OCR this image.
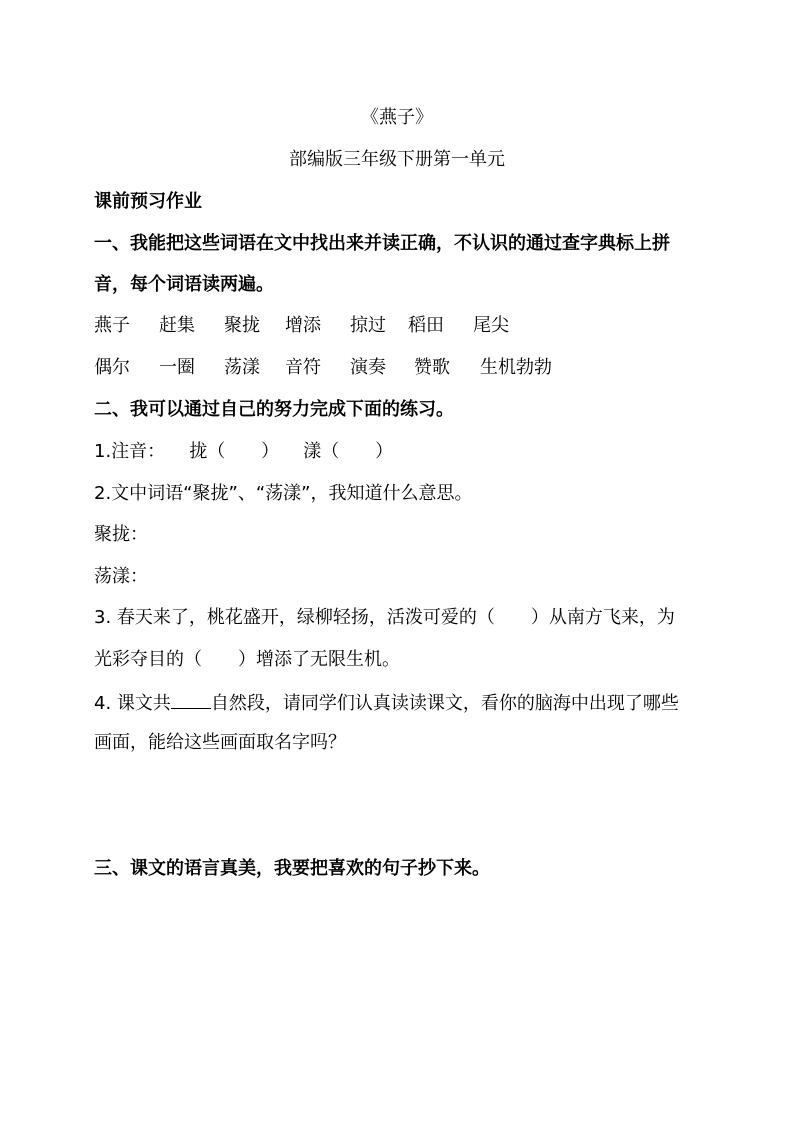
《燕子》
部编版三年级下册第一单元
课前预习作业
一、我能把这些词语在文中找出来并读正确，不认识的通过查字典标上拼
音，每个词语读两遍。
燕子 赶集 聚拢 增添 掠过 稻田 尾尖
偶尔 一圈 荡漾 音符 演奏 赞歌 生机勃勃
二、我可以通过自己的努力完成下面的练习。
1.注音： 拢（　　） 漾（　　）
2.文中词语“聚拢”、“荡漾”，我知道什么意思。
聚拢：
荡漾：
3. 春天来了，桃花盛开，绿柳轻扬，活泼可爱的（　　）从南方飞来，为
光彩夺目的（　　）增添了无限生机。
4. 课文共 自然段，请同学们认真读读课文，看你的脑海中出现了哪些
画面，能给这些画面取名字吗？
三、课文的语言真美，我要把喜欢的句子抄下来。
